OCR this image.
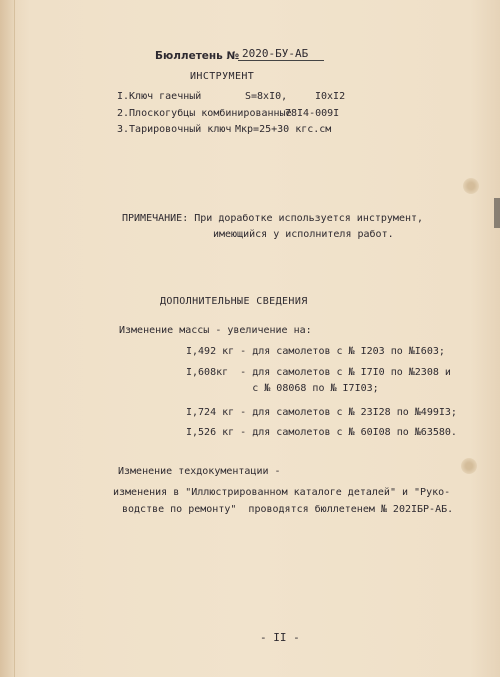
Бюллетень № 2020-БУ-АБ
ИНСТРУМЕНТ
I.Ключ гаечный	S=8xI0,	I0xI2
2.Плоскогубцы комбинированные
78I4-009I
3.Тарировочный ключ Мкр=25+30 кгс.см
ПРИМЕЧАНИЕ: При доработке используется инструмент,
имеющийся у исполнителя работ.
ДОПОЛНИТЕЛЬНЫЕ СВЕДЕНИЯ
Изменение массы - увеличение на:
I,492 кг - для самолетов с № I203 по №I603;
I,608кг  - для самолетов с № I7I0 по №2308 и
с № 08068 по № I7I03;
I,724 кг - для самолетов с № 23I28 по №499I3;
I,526 кг - для самолетов с № 60I08 по №63580.
Изменение техдокументации -
изменения в "Иллюстрированном каталоге деталей" и "Руко-
водстве по ремонту"  проводятся бюллетенем № 202IБР-АБ.
- II -
